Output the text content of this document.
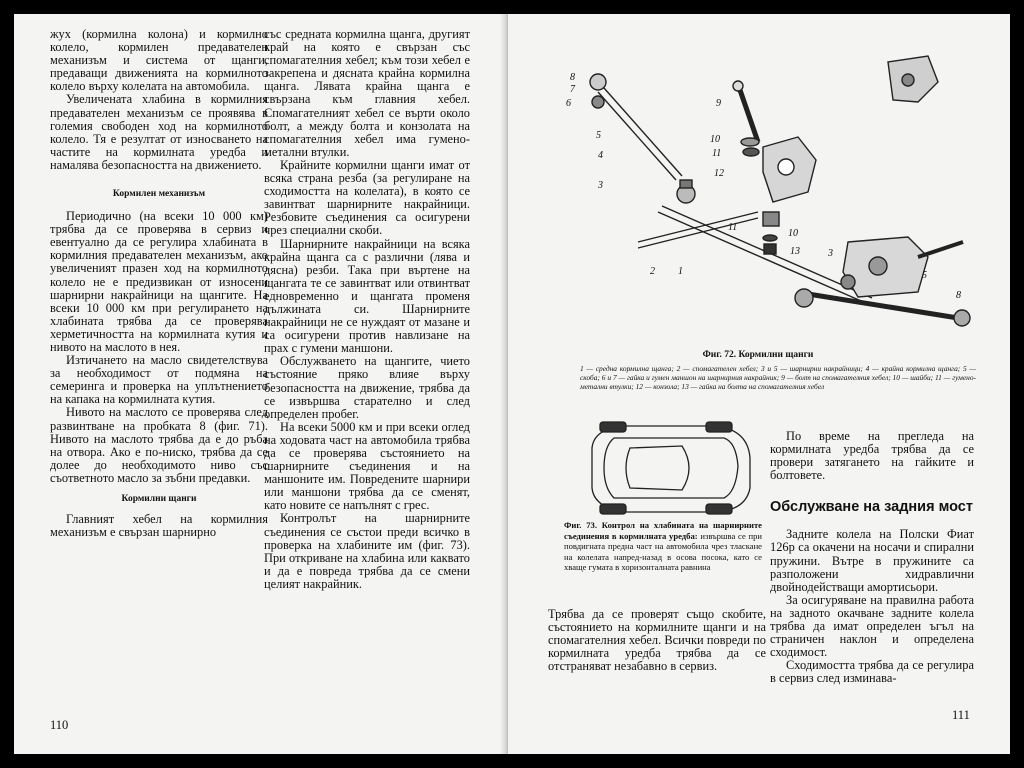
жух (кормилна колона) и кормилно колело, кормилен предавателен механизъм и система от щанги, предаващи движенията на кормилното колело върху колелата на автомобила.

Увеличената хлабина в кормилния предавателен механизъм се проявява в големия свободен ход на кормилното колело. Тя е резултат от износването на частите на кормилната уредба и намалява безопасността на движението.

Кормилен механизъм

Периодично (на всеки 10 000 км) трябва да се проверява в сервиз и евентуално да се регулира хлабината в кормилния предавателен механизъм, ако увеличеният празен ход на кормилното колело не е предизвикан от износени шарнирни накрайници на щангите. На всеки 10 000 км при регулирането на хлабината трябва да се проверява херметичността на кормилната кутия и нивото на маслото в нея.

Изтичането на масло свидетелствува за необходимост от подмяна на семеринга и проверка на уплътнението на капака на кормилната кутия.

Нивото на маслото се проверява след развинтване на пробката 8 (фиг. 71). Нивото на маслото трябва да е до ръба на отвора. Ако е по-ниско, трябва да се долее до необходимото ниво със съответното масло за зъбни предавки.

Кормилни щанги

Главният хебел на кормилния механизъм е свързан шарнирно

със средната кормилна щанга, другият край на която е свързан със спомагателния хебел; към този хебел е закрепена и дясната крайна кормилна щанга. Лявата крайна щанга е свързана към главния хебел. Спомагателният хебел се върти около болт, а между болта и конзолата на спомагателния хебел има гумено-метални втулки.

Крайните кормилни щанги имат от всяка страна резба (за регулиране на сходимостта на колелата), в която се завинтват шарнирните накрайници. Резбовите съединения са осигурени чрез специални скоби.

Шарнирните накрайници на всяка крайна щанга са с различни (лява и дясна) резби. Така при въртене на щангата те се завинтват или отвинтват едновременно и щангата променя дължината си. Шарнирните накрайници не се нуждаят от мазане и са осигурени против навлизане на прах с гумени маншони.

Обслужването на щангите, чието състояние пряко влияе върху безопасността на движение, трябва да се извършва старателно и след определен пробег.

На всеки 5000 км и при всеки оглед на ходовата част на автомобила трябва да се проверява състоянието на шарнирните съединения и на маншоните им. Повредените шарнири или маншони трябва да се сменят, като новите се напълнят с грес.

Контролът на шарнирните съединения се състои преди всичко в проверка на хлабините им (фиг. 73). При откриване на хлабина или каквато и да е повреда трябва да се смени целият накрайник.

110
8
7
6
5
4
3
2 1
9
10
11
12
11
10
13	3
5
8
Фиг. 72. Кормилни щанги
1 — средна кормилна щанга; 2 — спомагателен хебел; 3 и 5 — шарнирни накрайници; 4 — крайна кормилна щанга; 5 — скоба; 6 и 7 — гайка и гумен маншон на шарнирния накрайник; 9 — болт на спомагателния хебел; 10 — шайби; 11 — гумено-метални втулки; 12 — конзола; 13 — гайка на болта на спомагателния хебел
Фиг. 73. Контрол на хлабината на шарнирните съединения в кормилната уредба: извършва се при повдигната предна част на автомобила чрез тласкане на колелата напред-назад в осова посока, като се хваще гумата в хоризонталната равнина

Трябва да се проверят също скобите, състоянието на кормилните щанги и на спомагателния хебел. Всички повреди по кормилната уредба трябва да се отстраняват незабавно в сервиз.

По време на прегледа на кормилната уредба трябва да се провери затягането на гайките и болтовете.

Обслужване на задния мост

Задните колела на Полски Фиат 126р са окачени на носачи и спирални пружини. Вътре в пружините са разположени хидравлични двойнодействащи амортисьори.

За осигуряване на правилна работа на задното окачване задните колела трябва да имат определен ъгъл на страничен наклон и определена сходимост.

Сходимостта трябва да се регулира в сервиз след изминава-

111
